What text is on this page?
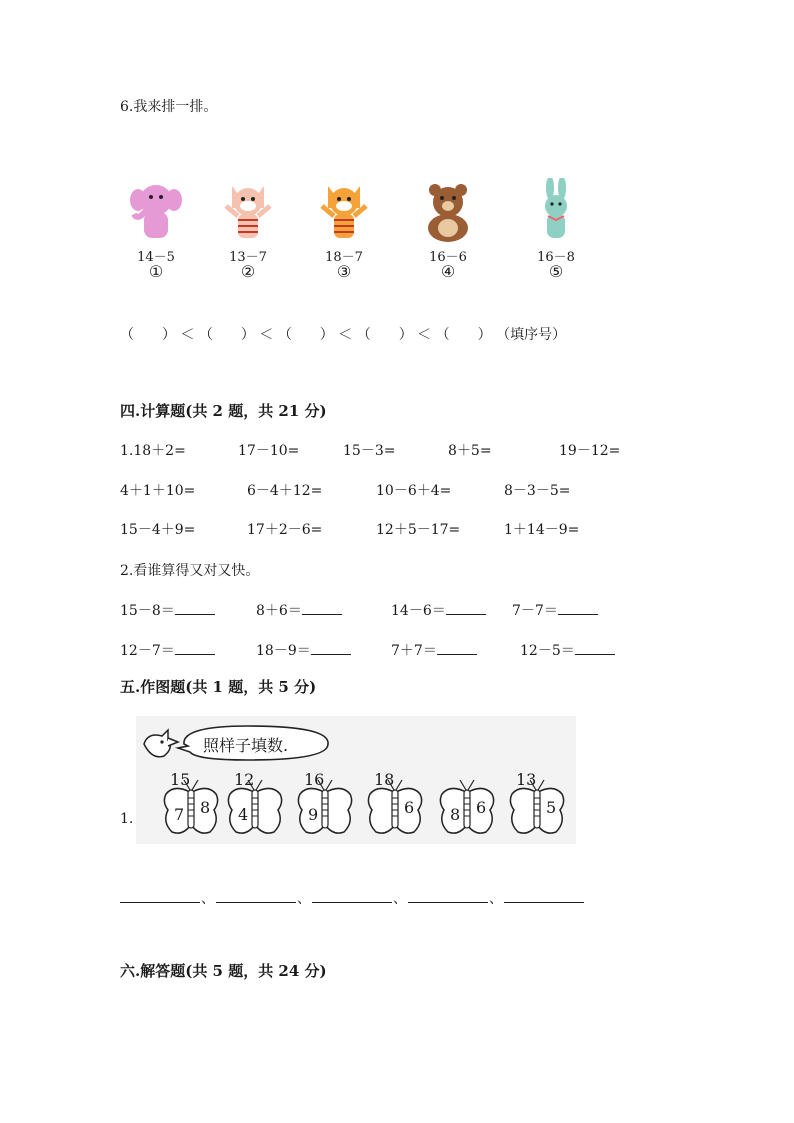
6.我来排一排。
14－5
①
13－7
②
18－7
③
16－6
④
16－8
⑤
（　　） ＜ （　　） ＜ （　　） ＜ （　　） ＜ （　　） （填序号）
四.计算题(共 2 题，共 21 分)
1.18＋2=	17－10=	15－3=	8＋5=	19－12=
4＋1＋10=	6－4＋12=	10－6＋4=	8－3－5=
15－4＋9=	17＋2－6=	12＋5－17=	1＋14－9=
2.看谁算得又对又快。
15－8＝	8＋6＝	14－6＝	7－7＝
12－7＝	18－9＝	7＋7＝	12－5＝
五.作图题(共 1 题，共 5 分)
照样子填数.
1.
15
7 8
12
4
16
9
18
6 8 6
13
5
、	、	、	、
六.解答题(共 5 题，共 24 分)
